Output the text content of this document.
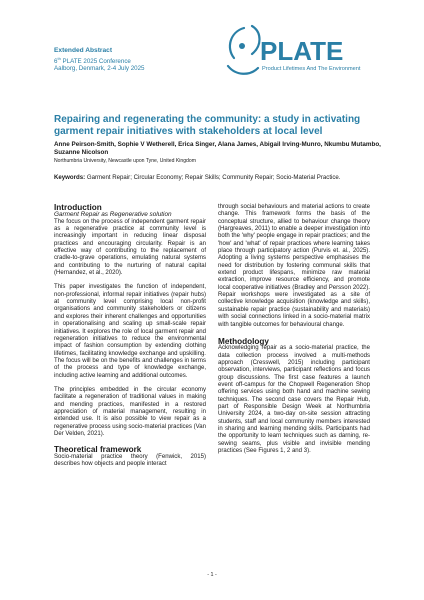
Extended Abstract
6th PLATE 2025 Conference
Aalborg, Denmark, 2-4 July 2025
PLATE
Product Lifetimes And The Environment
Repairing and regenerating the community: a study in activating garment repair initiatives with stakeholders at local level
Anne Peirson-Smith, Sophie V Wetherell, Erica Singer, Alana James, Abigail Irving-Munro, Nkumbu Mutambo, Suzanne Nicolson
Northumbria University, Newcastle upon Tyne, United Kingdom
Keywords: Garment Repair; Circular Economy; Repair Skills; Community Repair; Socio-Material Practice.
Introduction
Garment Repair as Regenerative solution

The focus on the process of independent garment repair as a regenerative practice at community level is increasingly important in reducing linear disposal practices and encouraging circularity. Repair is an effective way of contributing to the replacement of cradle-to-grave operations, emulating natural systems and contributing to the nurturing of natural capital (Hernandez, et al., 2020).

This paper investigates the function of independent, non-professional, informal repair initiatives (repair hubs) at community level comprising local non-profit organisations and community stakeholders or citizens and explores their inherent challenges and opportunities in operationalising and scaling up small-scale repair initiatives. It explores the role of local garment repair and regeneration initiatives to reduce the environmental impact of fashion consumption by extending clothing lifetimes, facilitating knowledge exchange and upskilling. The focus will be on the benefits and challenges in terms of the process and type of knowledge exchange, including active learning and additional outcomes.

The principles embedded in the circular economy facilitate a regeneration of traditional values in making and mending practices, manifested in a restored appreciation of material management, resulting in extended use. It is also possible to view repair as a regenerative process using socio-material practices (Van Der Velden, 2021).

Theoretical framework

Socio-material practice theory (Fenwick, 2015) describes how objects and people interact

through social behaviours and material actions to create change. This framework forms the basis of the conceptual structure, allied to behaviour change theory (Hargreaves, 2011) to enable a deeper investigation into both the 'why' people engage in repair practices; and the 'how' and 'what' of repair practices where learning takes place through participatory action (Purvis et. al., 2025). Adopting a living systems perspective emphasises the need for distribution by fostering communal skills that extend product lifespans, minimize raw material extraction, improve resource efficiency, and promote local cooperative initiatives (Bradley and Persson 2022). Repair workshops were investigated as a site of collective knowledge acquisition (knowledge and skills), sustainable repair practice (sustainability and materials) with social connections linked in a socio-material matrix with tangible outcomes for behavioural change.

Methodology

Acknowledging repair as a socio-material practice, the data collection process involved a multi-methods approach (Cresswell, 2015) including participant observation, interviews, participant reflections and focus group discussions. The first case features a launch event off-campus for the Chopwell Regeneration Shop offering services using both hand and machine sewing techniques. The second case covers the Repair Hub, part of Responsible Design Week at Northumbria University 2024, a two-day on-site session attracting students, staff and local community members interested in sharing and learning mending skills. Participants had the opportunity to learn techniques such as darning, re-sewing seams, plus visible and invisible mending practices (See Figures 1, 2 and 3).

- 1 -
